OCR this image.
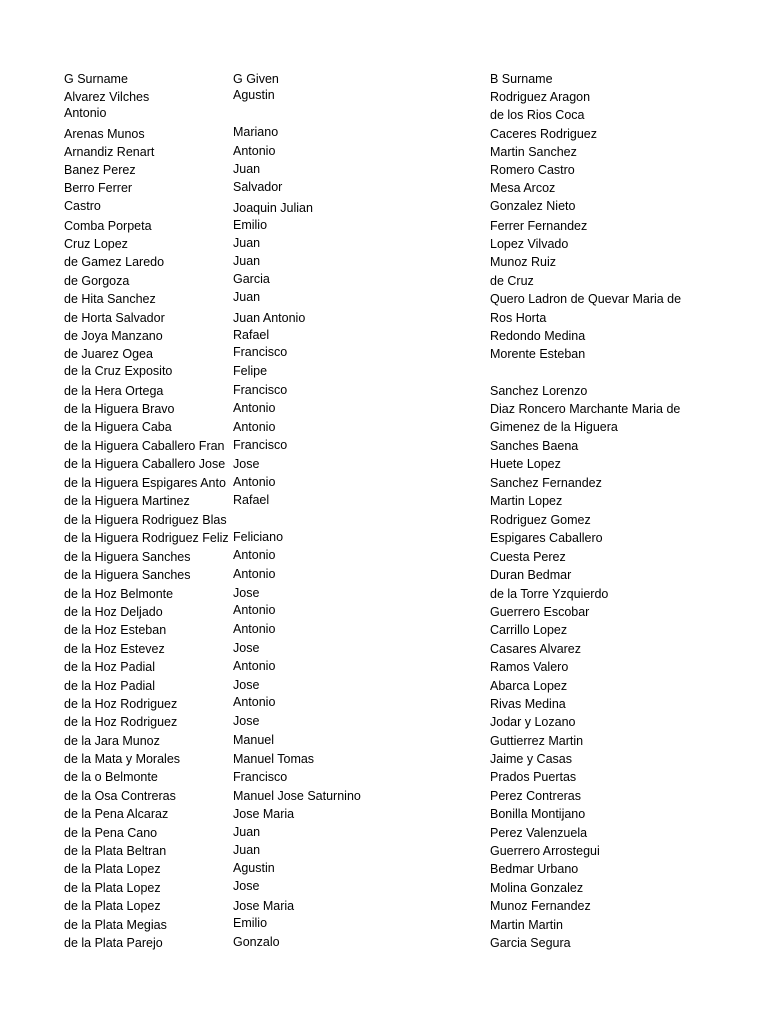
G Surname	G Given	B Surname
Alvarez Vilches
Antonio
Arenas Munos
Arnandiz Renart
Banez Perez
Berro Ferrer
Castro
Comba Porpeta
Cruz Lopez
de Gamez Laredo
de Gorgoza
de Hita Sanchez
de Horta Salvador
de Joya Manzano
de Juarez Ogea
de la Cruz Exposito
de la Hera Ortega
de la Higuera Bravo
de la Higuera Caba
de la Higuera Caballero Fran
de la Higuera Caballero Jose
de la Higuera Espigares Anto
de la Higuera Martinez
de la Higuera Rodriguez Blas
de la Higuera Rodriguez Feliz
de la Higuera Sanches
de la Higuera Sanches
de la Hoz Belmonte
de la Hoz Deljado
de la Hoz Esteban
de la Hoz Estevez
de la Hoz Padial
de la Hoz Padial
de la Hoz Rodriguez
de la Hoz Rodriguez
de la Jara Munoz
de la Mata y Morales
de la o Belmonte
de la Osa Contreras
de la Pena Alcaraz
de la Pena Cano
de la Plata Beltran
de la Plata Lopez
de la Plata Lopez
de la Plata Lopez
de la Plata Megias
de la Plata Parejo
Agustin
Mariano
Antonio
Juan
Salvador
Joaquin Julian
Emilio
Juan
Juan
Garcia
Juan
Juan Antonio
Rafael
Francisco
Felipe
Francisco
Antonio
Antonio
Francisco
Jose
Antonio
Rafael
Feliciano
Antonio
Antonio
Jose
Antonio
Antonio
Jose
Antonio
Jose
Antonio
Jose
Manuel
Manuel Tomas
Francisco
Manuel Jose Saturnino
Jose Maria
Juan
Juan
Agustin
Jose
Jose Maria
Emilio
Gonzalo
Rodriguez Aragon
de los Rios Coca
Caceres Rodriguez
Martin Sanchez
Romero Castro
Mesa Arcoz
Gonzalez Nieto
Ferrer Fernandez
Lopez Vilvado
Munoz Ruiz
de Cruz
Quero Ladron de Quevar Maria de
Ros Horta
Redondo Medina
Morente Esteban
Sanchez Lorenzo
Diaz Roncero Marchante Maria de
Gimenez de la Higuera
Sanches Baena
Huete Lopez
Sanchez Fernandez
Martin Lopez
Rodriguez Gomez
Espigares Caballero
Cuesta Perez
Duran Bedmar
de la Torre Yzquierdo
Guerrero Escobar
Carrillo Lopez
Casares Alvarez
Ramos Valero
Abarca Lopez
Rivas Medina
Jodar y Lozano
Guttierrez Martin
Jaime y Casas
Prados Puertas
Perez Contreras
Bonilla Montijano
Perez Valenzuela
Guerrero Arrostegui
Bedmar Urbano
Molina Gonzalez
Munoz Fernandez
Martin Martin
Garcia Segura
